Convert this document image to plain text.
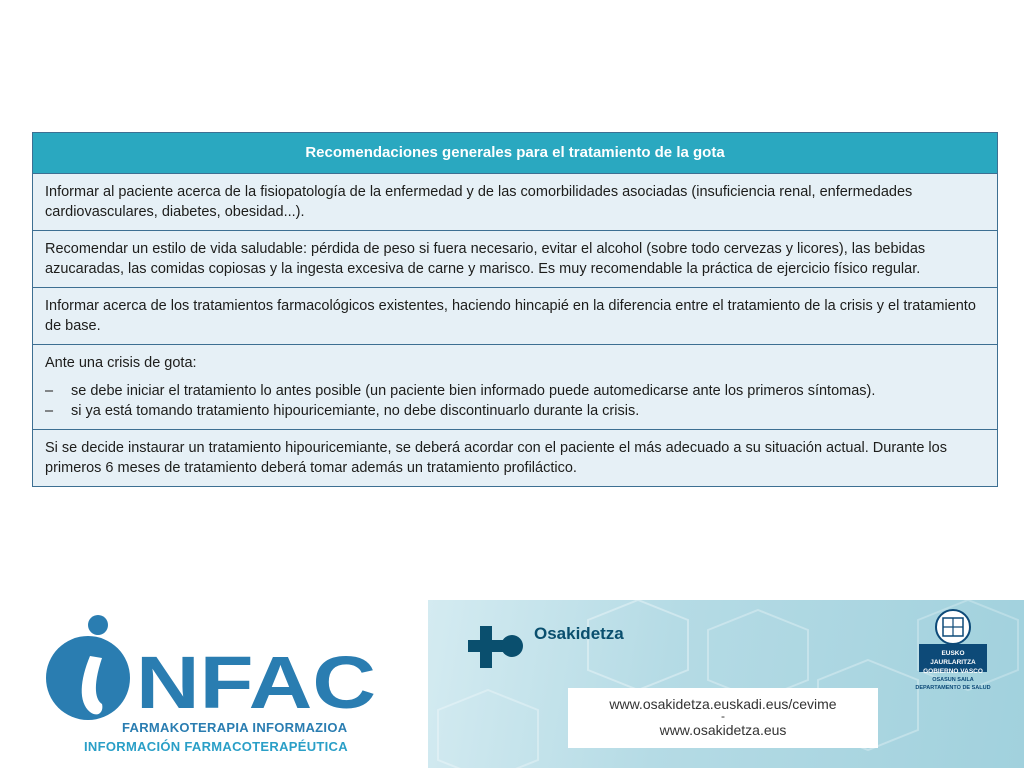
Recomendaciones generales para el tratamiento de la gota

Informar al paciente acerca de la fisiopatología de la enfermedad y de las comorbilidades asociadas (insuficiencia renal, enfermedades cardiovasculares, diabetes, obesidad...).

Recomendar un estilo de vida saludable: pérdida de peso si fuera necesario, evitar el alcohol (sobre todo cervezas y licores), las bebidas azucaradas, las comidas copiosas y la ingesta excesiva de carne y marisco. Es muy recomendable la práctica de ejercicio físico regular.

Informar acerca de los tratamientos farmacológicos existentes, haciendo hincapié en la diferencia entre el tratamiento de la crisis y el tratamiento de base.

Ante una crisis de gota:

–	se debe iniciar el tratamiento lo antes posible (un paciente bien informado puede automedicarse ante los primeros síntomas).
–	si ya está tomando tratamiento hipouricemiante, no debe discontinuarlo durante la crisis.

Si se decide instaurar un tratamiento hipouricemiante, se deberá acordar con el paciente el más adecuado a su situación actual. Durante los primeros 6 meses de tratamiento deberá tomar además un tratamiento profiláctico.

NFAC
FARMAKOTERAPIA INFORMAZIOA
INFORMACIÓN FARMACOTERAPÉUTICA
Osakidetza
www.osakidetza.euskadi.eus/cevime
-
www.osakidetza.eus
EUSKO JAURLARITZA
GOBIERNO VASCO
OSASUN SAILA
DEPARTAMENTO DE SALUD
